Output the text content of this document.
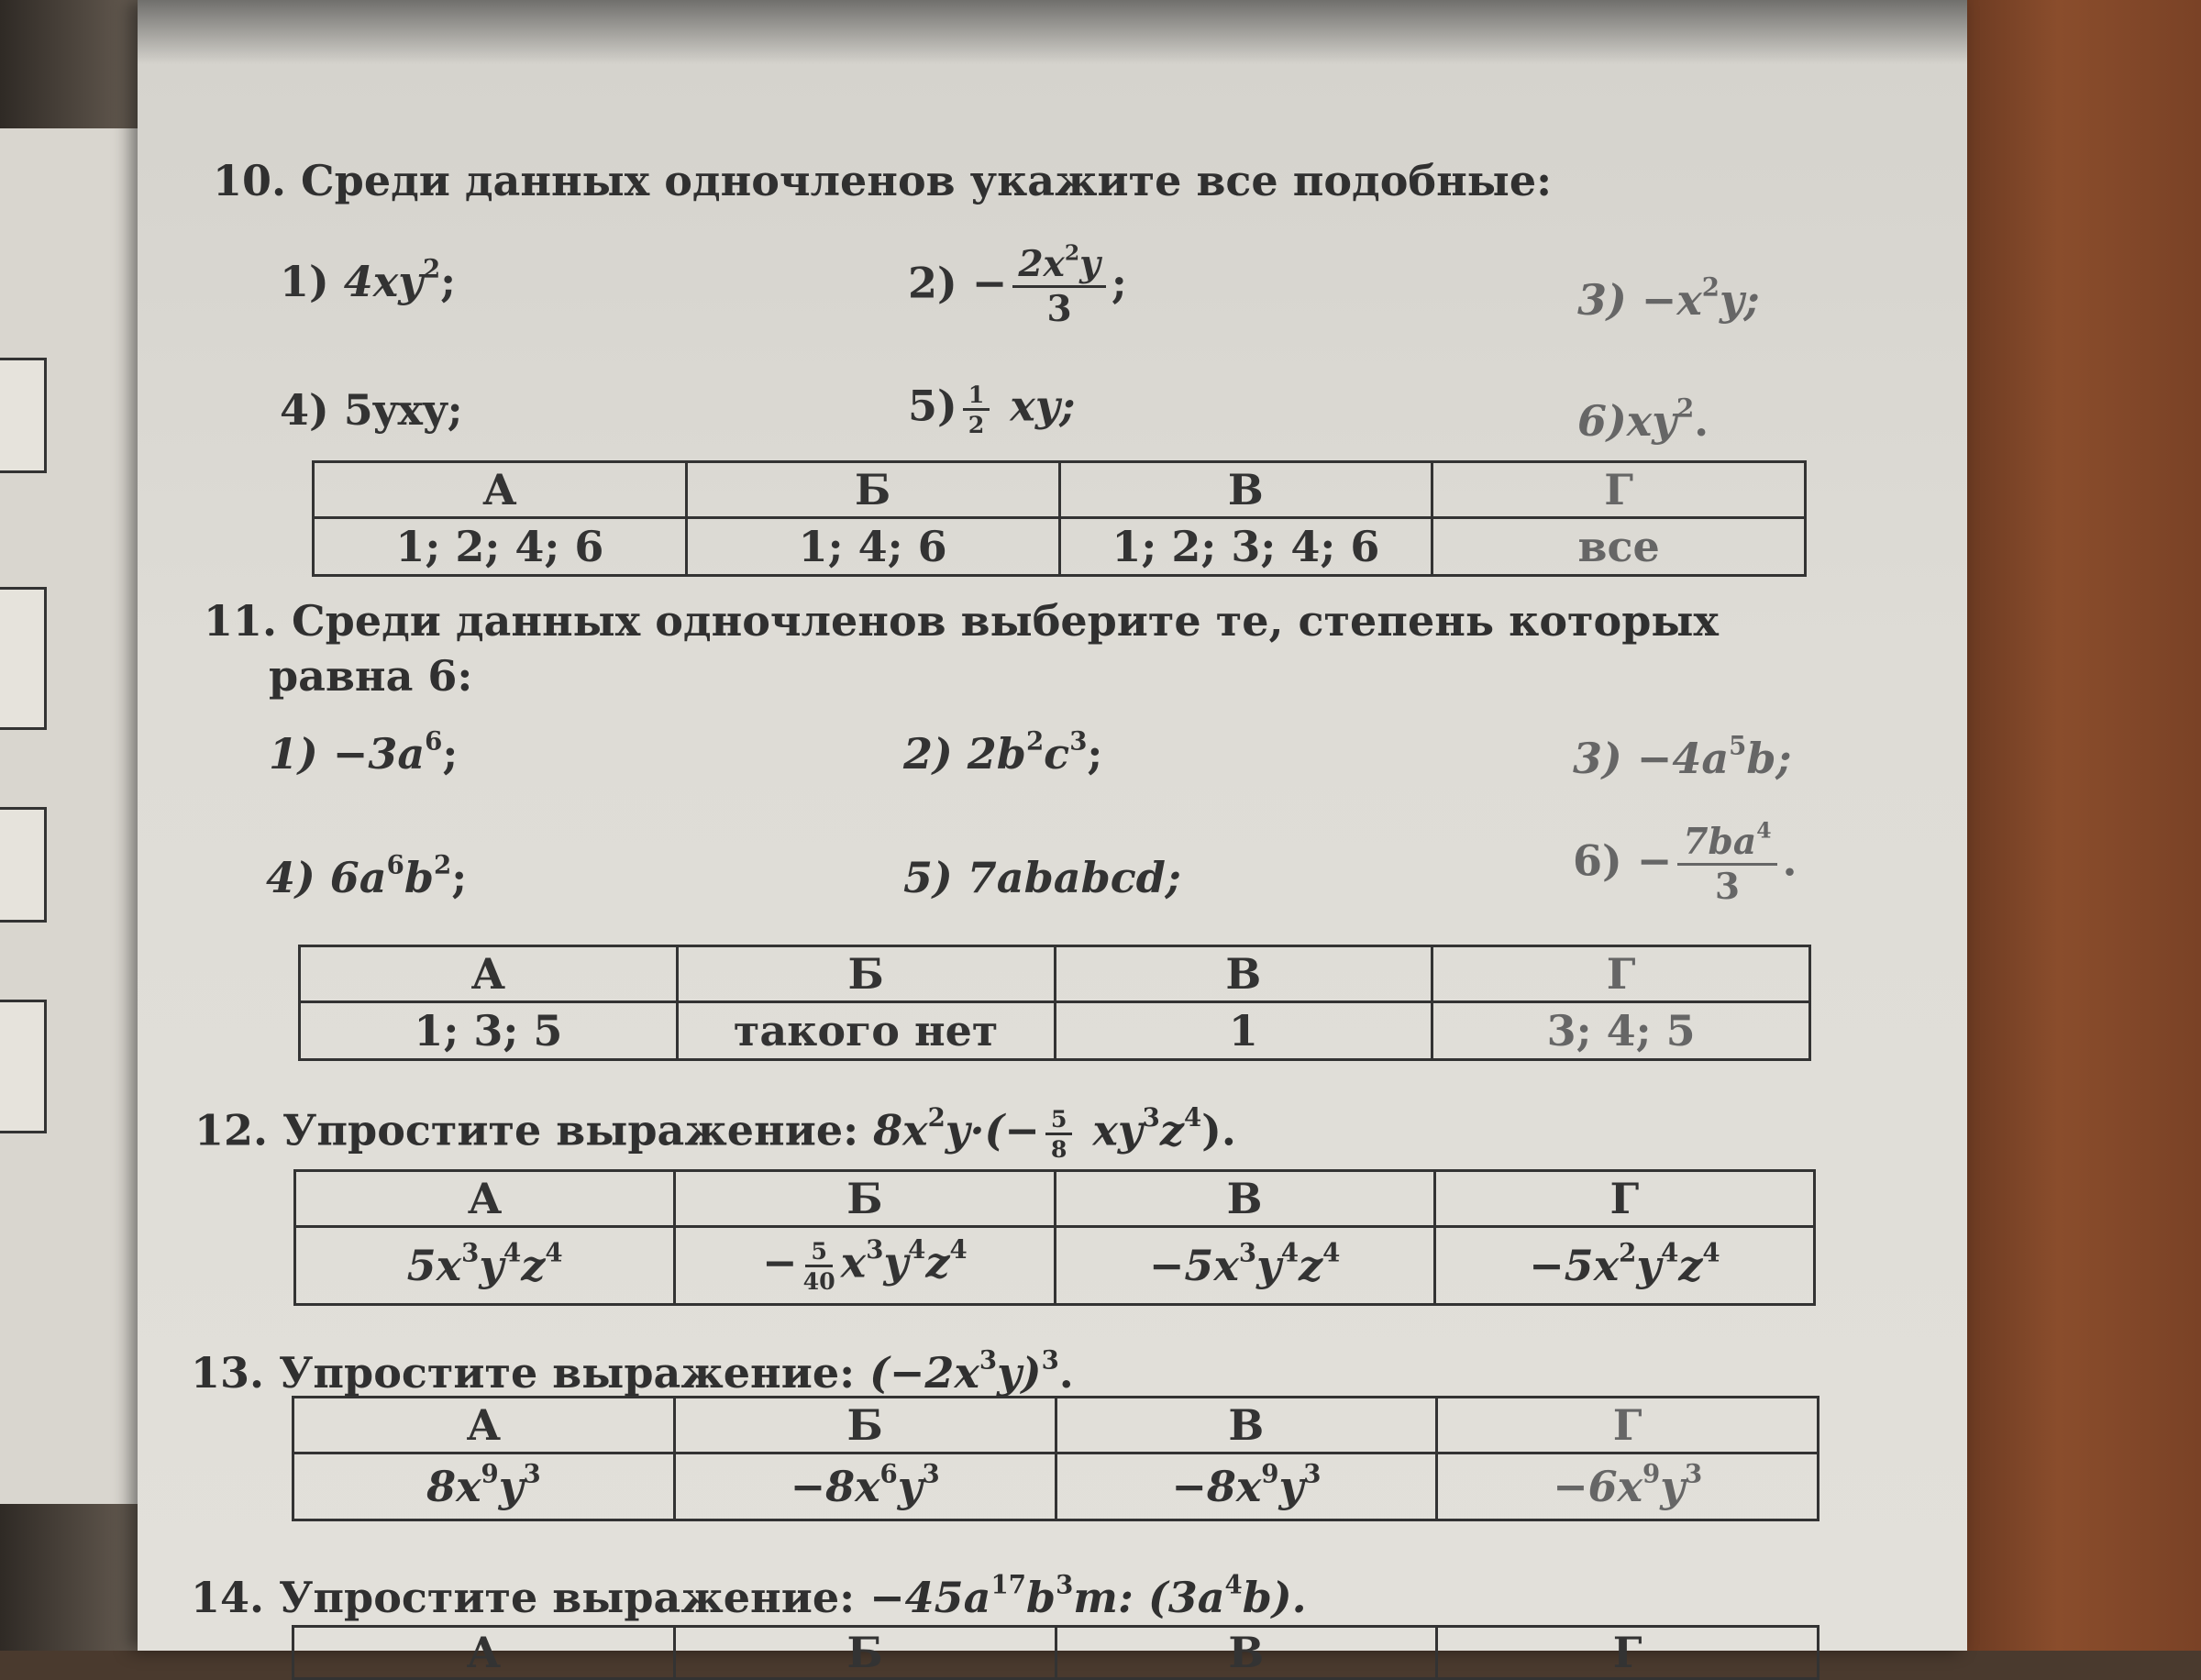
10. Среди данных одночленов укажите все подобные:
1) $4xy^2$;	$2) - \frac{2x^2y}{3}$ ;	$3) -x^2y$;
4) 5yxy;	$5) \frac{1}{2}$ xy;	$6)xy^2$.
А	Б	В	Г
1; 2; 4; 6	1; 4; 6	1; 2; 3; 4; 6	все
11. Среди данных одночленов выберите те, степень которых
равна 6:
$1) -3a^6$;	2) $2b^2c^3$;	$3) -4a^5b$;
4) $6a^6b^2$;	5) 7ababcd;	$6) - \frac{7ba^4}{3}$ .
А	Б	В	Г
1; 3; 5	такого нет	1	3; 4; 5
12. Упростите выражение: $8x^2y\cdot(- \frac{5}{8} xy^3z^4)$.
А	Б	В	Г
$5x^3y^4z^4$	− $\frac{5}{40} x^3y^4z^4$	$-5x^3y^4z^4$	$-5x^2y^4z^4$
13. Упростите выражение: $(-2x^3y)^3$.
А	Б	В	Г
$8x^9y^3$	$-8x^6y^3$	$-8x^9y^3$	$-6x^9y^3$
14. Упростите выражение: $-45a^{17}b^3m$: $(3a^4b)$.
А	Б	В	Г
